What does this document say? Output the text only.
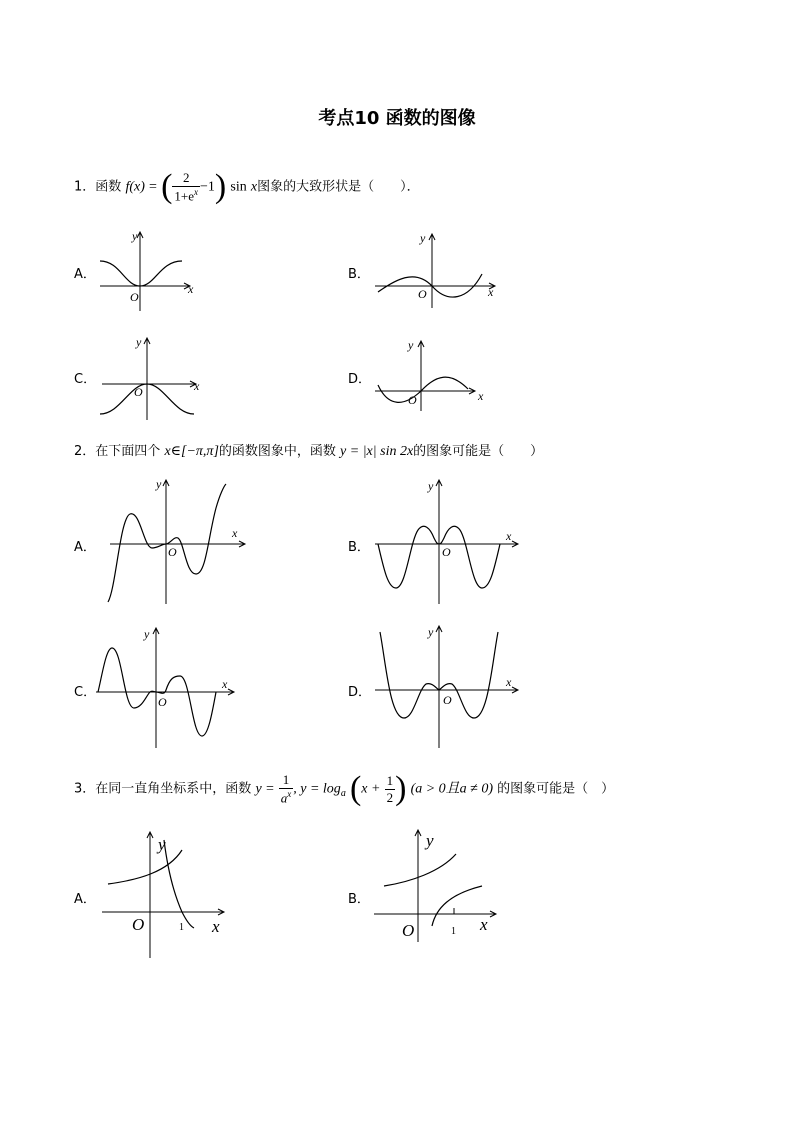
考点10 函数的图像
1．函数 f(x) = ( $\frac{2}{1+e^x} -1$) sin x图象的大致形状是（　　）．
A．	B．
C．	D．
y
x
O
y
x
O
y
x
O
y
x
O
2．在下面四个 x∈[−π,π]的函数图象中，函数 y = |x| sin 2x的图象可能是（　　）
A．	B．
C．	D．
y
x
O
y
x
O
y
x
O
y
x
O
3．在同一直角坐标系中，函数 $y = \frac{1}{a^x}$ , $y = \log_a (x + \frac{1}{2}$ ) (a > 0且a ≠ 0) 的图象可能是（　）
A．	B．
y
x
O	1
y
x
O	1
